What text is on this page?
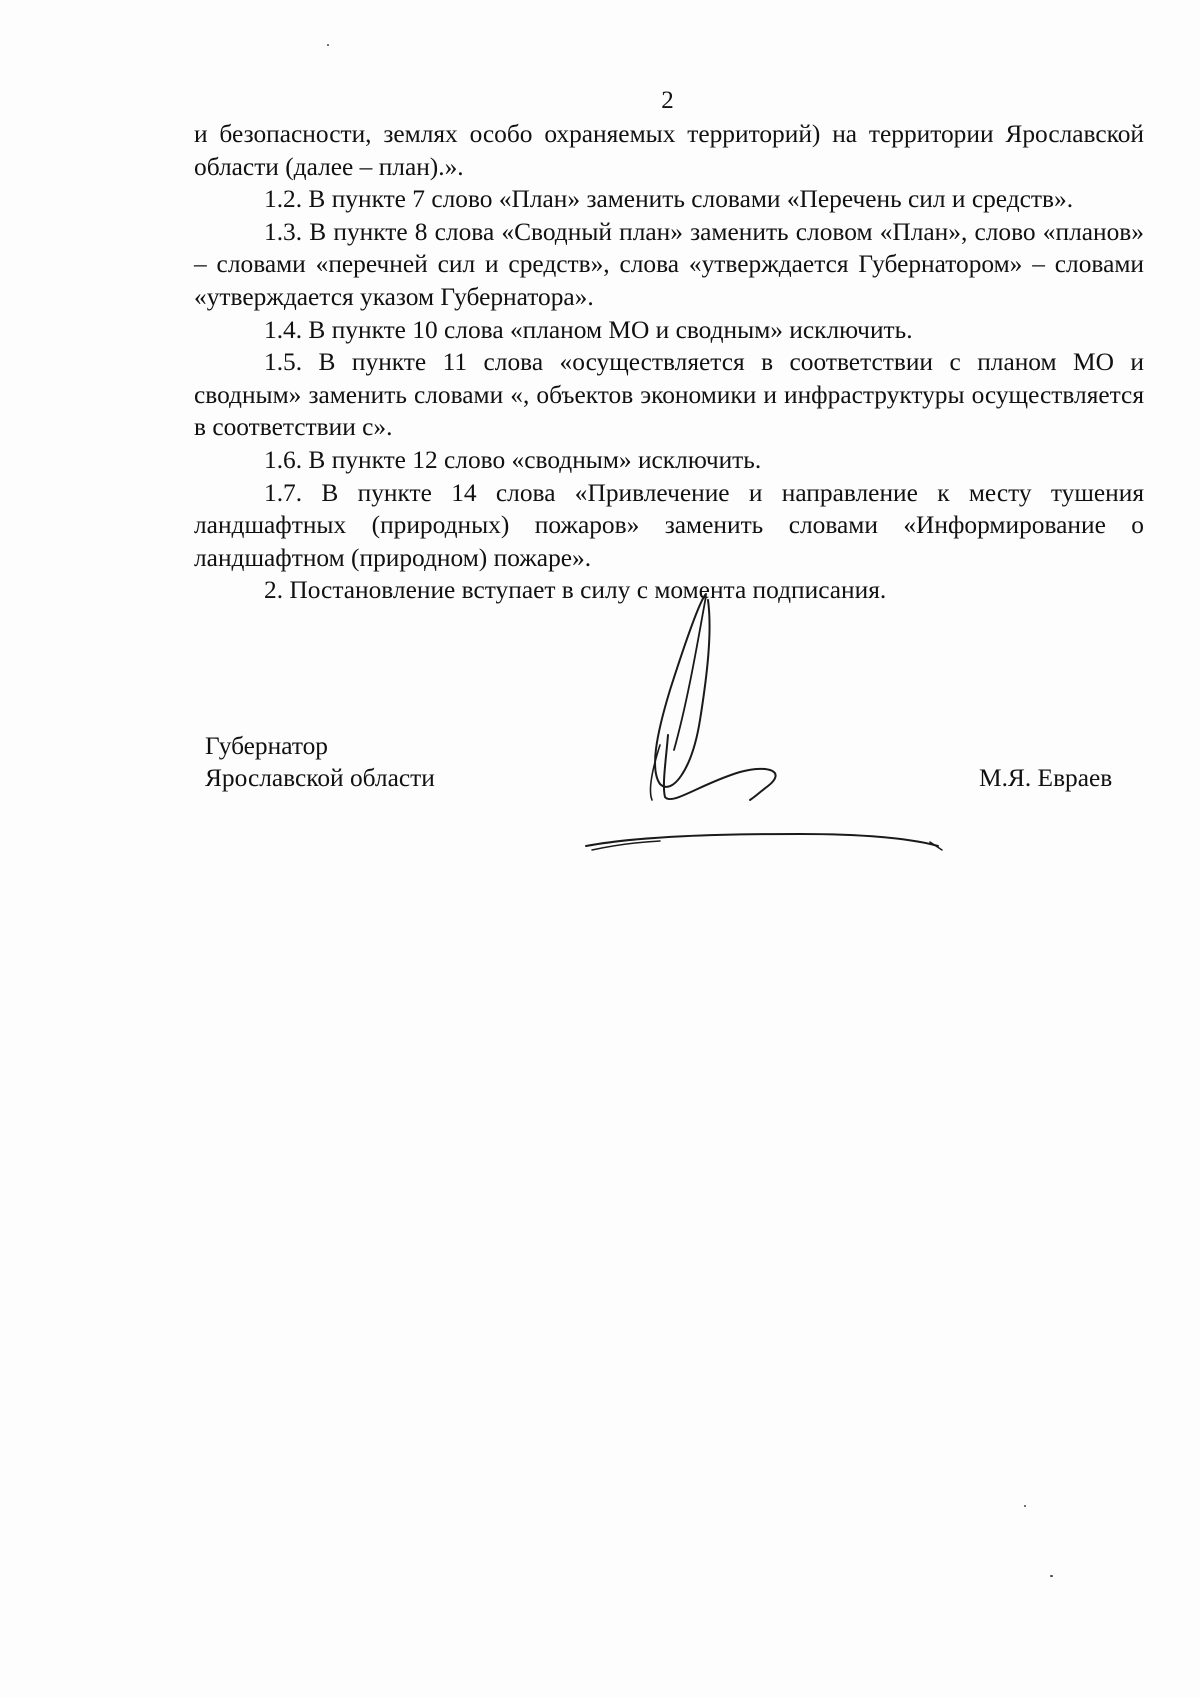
2

и безопасности, землях особо охраняемых территорий) на территории Ярославской области (далее – план).».

1.2. В пункте 7 слово «План» заменить словами «Перечень сил и средств».

1.3. В пункте 8 слова «Сводный план» заменить словом «План», слово «планов» – словами «перечней сил и средств», слова «утверждается Губернатором» – словами «утверждается указом Губернатора».

1.4. В пункте 10 слова «планом МО и сводным» исключить.

1.5. В пункте 11 слова «осуществляется в соответствии с планом МО и сводным» заменить словами «, объектов экономики и инфраструктуры осуществляется в соответствии с».

1.6. В пункте 12 слово «сводным» исключить.

1.7. В пункте 14 слова «Привлечение и направление к месту тушения ландшафтных (природных) пожаров» заменить словами «Информирование о ландшафтном (природном) пожаре».

2. Постановление вступает в силу с момента подписания.

Губернатор
Ярославской области	М.Я. Евраев
